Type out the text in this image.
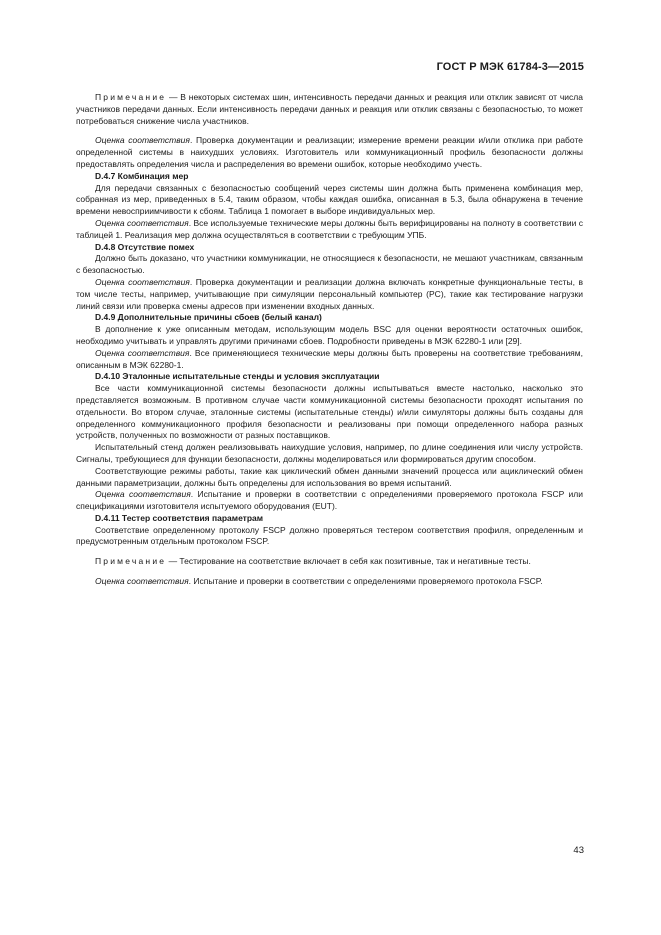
ГОСТ Р МЭК 61784-3—2015

Примечание — В некоторых системах шин, интенсивность передачи данных и реакция или отклик зависят от числа участников передачи данных. Если интенсивность передачи данных и реакция или отклик связаны с безопасностью, то может потребоваться снижение числа участников.

Оценка соответствия. Проверка документации и реализации; измерение времени реакции и/или отклика при работе определенной системы в наихудших условиях. Изготовитель или коммуникационный профиль безопасности должны предоставлять определения числа и распределения во времени ошибок, которые необходимо учесть.

D.4.7 Комбинация мер

Для передачи связанных с безопасностью сообщений через системы шин должна быть применена комбинация мер, собранная из мер, приведенных в 5.4, таким образом, чтобы каждая ошибка, описанная в 5.3, была обнаружена в течение времени невосприимчивости к сбоям. Таблица 1 помогает в выборе индивидуальных мер.

Оценка соответствия. Все используемые технические меры должны быть верифицированы на полноту в соответствии с таблицей 1. Реализация мер должна осуществляться в соответствии с требующим УПБ.

D.4.8 Отсутствие помех

Должно быть доказано, что участники коммуникации, не относящиеся к безопасности, не мешают участникам, связанным с безопасностью.

Оценка соответствия. Проверка документации и реализации должна включать конкретные функциональные тесты, в том числе тесты, например, учитывающие при симуляции персональный компьютер (PC), такие как тестирование нагрузки линий связи или проверка смены адресов при изменении входных данных.

D.4.9 Дополнительные причины сбоев (белый канал)

В дополнение к уже описанным методам, использующим модель BSC для оценки вероятности остаточных ошибок, необходимо учитывать и управлять другими причинами сбоев. Подробности приведены в МЭК 62280-1 или [29].

Оценка соответствия. Все применяющиеся технические меры должны быть проверены на соответствие требованиям, описанным в МЭК 62280-1.

D.4.10 Эталонные испытательные стенды и условия эксплуатации

Все части коммуникационной системы безопасности должны испытываться вместе настолько, насколько это представляется возможным. В противном случае части коммуникационной системы безопасности проходят испытания по отдельности. Во втором случае, эталонные системы (испытательные стенды) и/или симуляторы должны быть созданы для определенного коммуникационного профиля безопасности и реализованы при помощи определенного набора разных устройств, полученных по возможности от разных поставщиков.

Испытательный стенд должен реализовывать наихудшие условия, например, по длине соединения или числу устройств. Сигналы, требующиеся для функции безопасности, должны моделироваться или формироваться другим способом.

Соответствующие режимы работы, такие как циклический обмен данными значений процесса или ациклический обмен данными параметризации, должны быть определены для использования во время испытаний.

Оценка соответствия. Испытание и проверки в соответствии с определениями проверяемого протокола FSCP или спецификациями изготовителя испытуемого оборудования (EUT).

D.4.11 Тестер соответствия параметрам

Соответствие определенному протоколу FSCP должно проверяться тестером соответствия профиля, определенным и предусмотренным отдельным протоколом FSCP.

Примечание — Тестирование на соответствие включает в себя как позитивные, так и негативные тесты.

Оценка соответствия. Испытание и проверки в соответствии с определениями проверяемого протокола FSCP.

43
